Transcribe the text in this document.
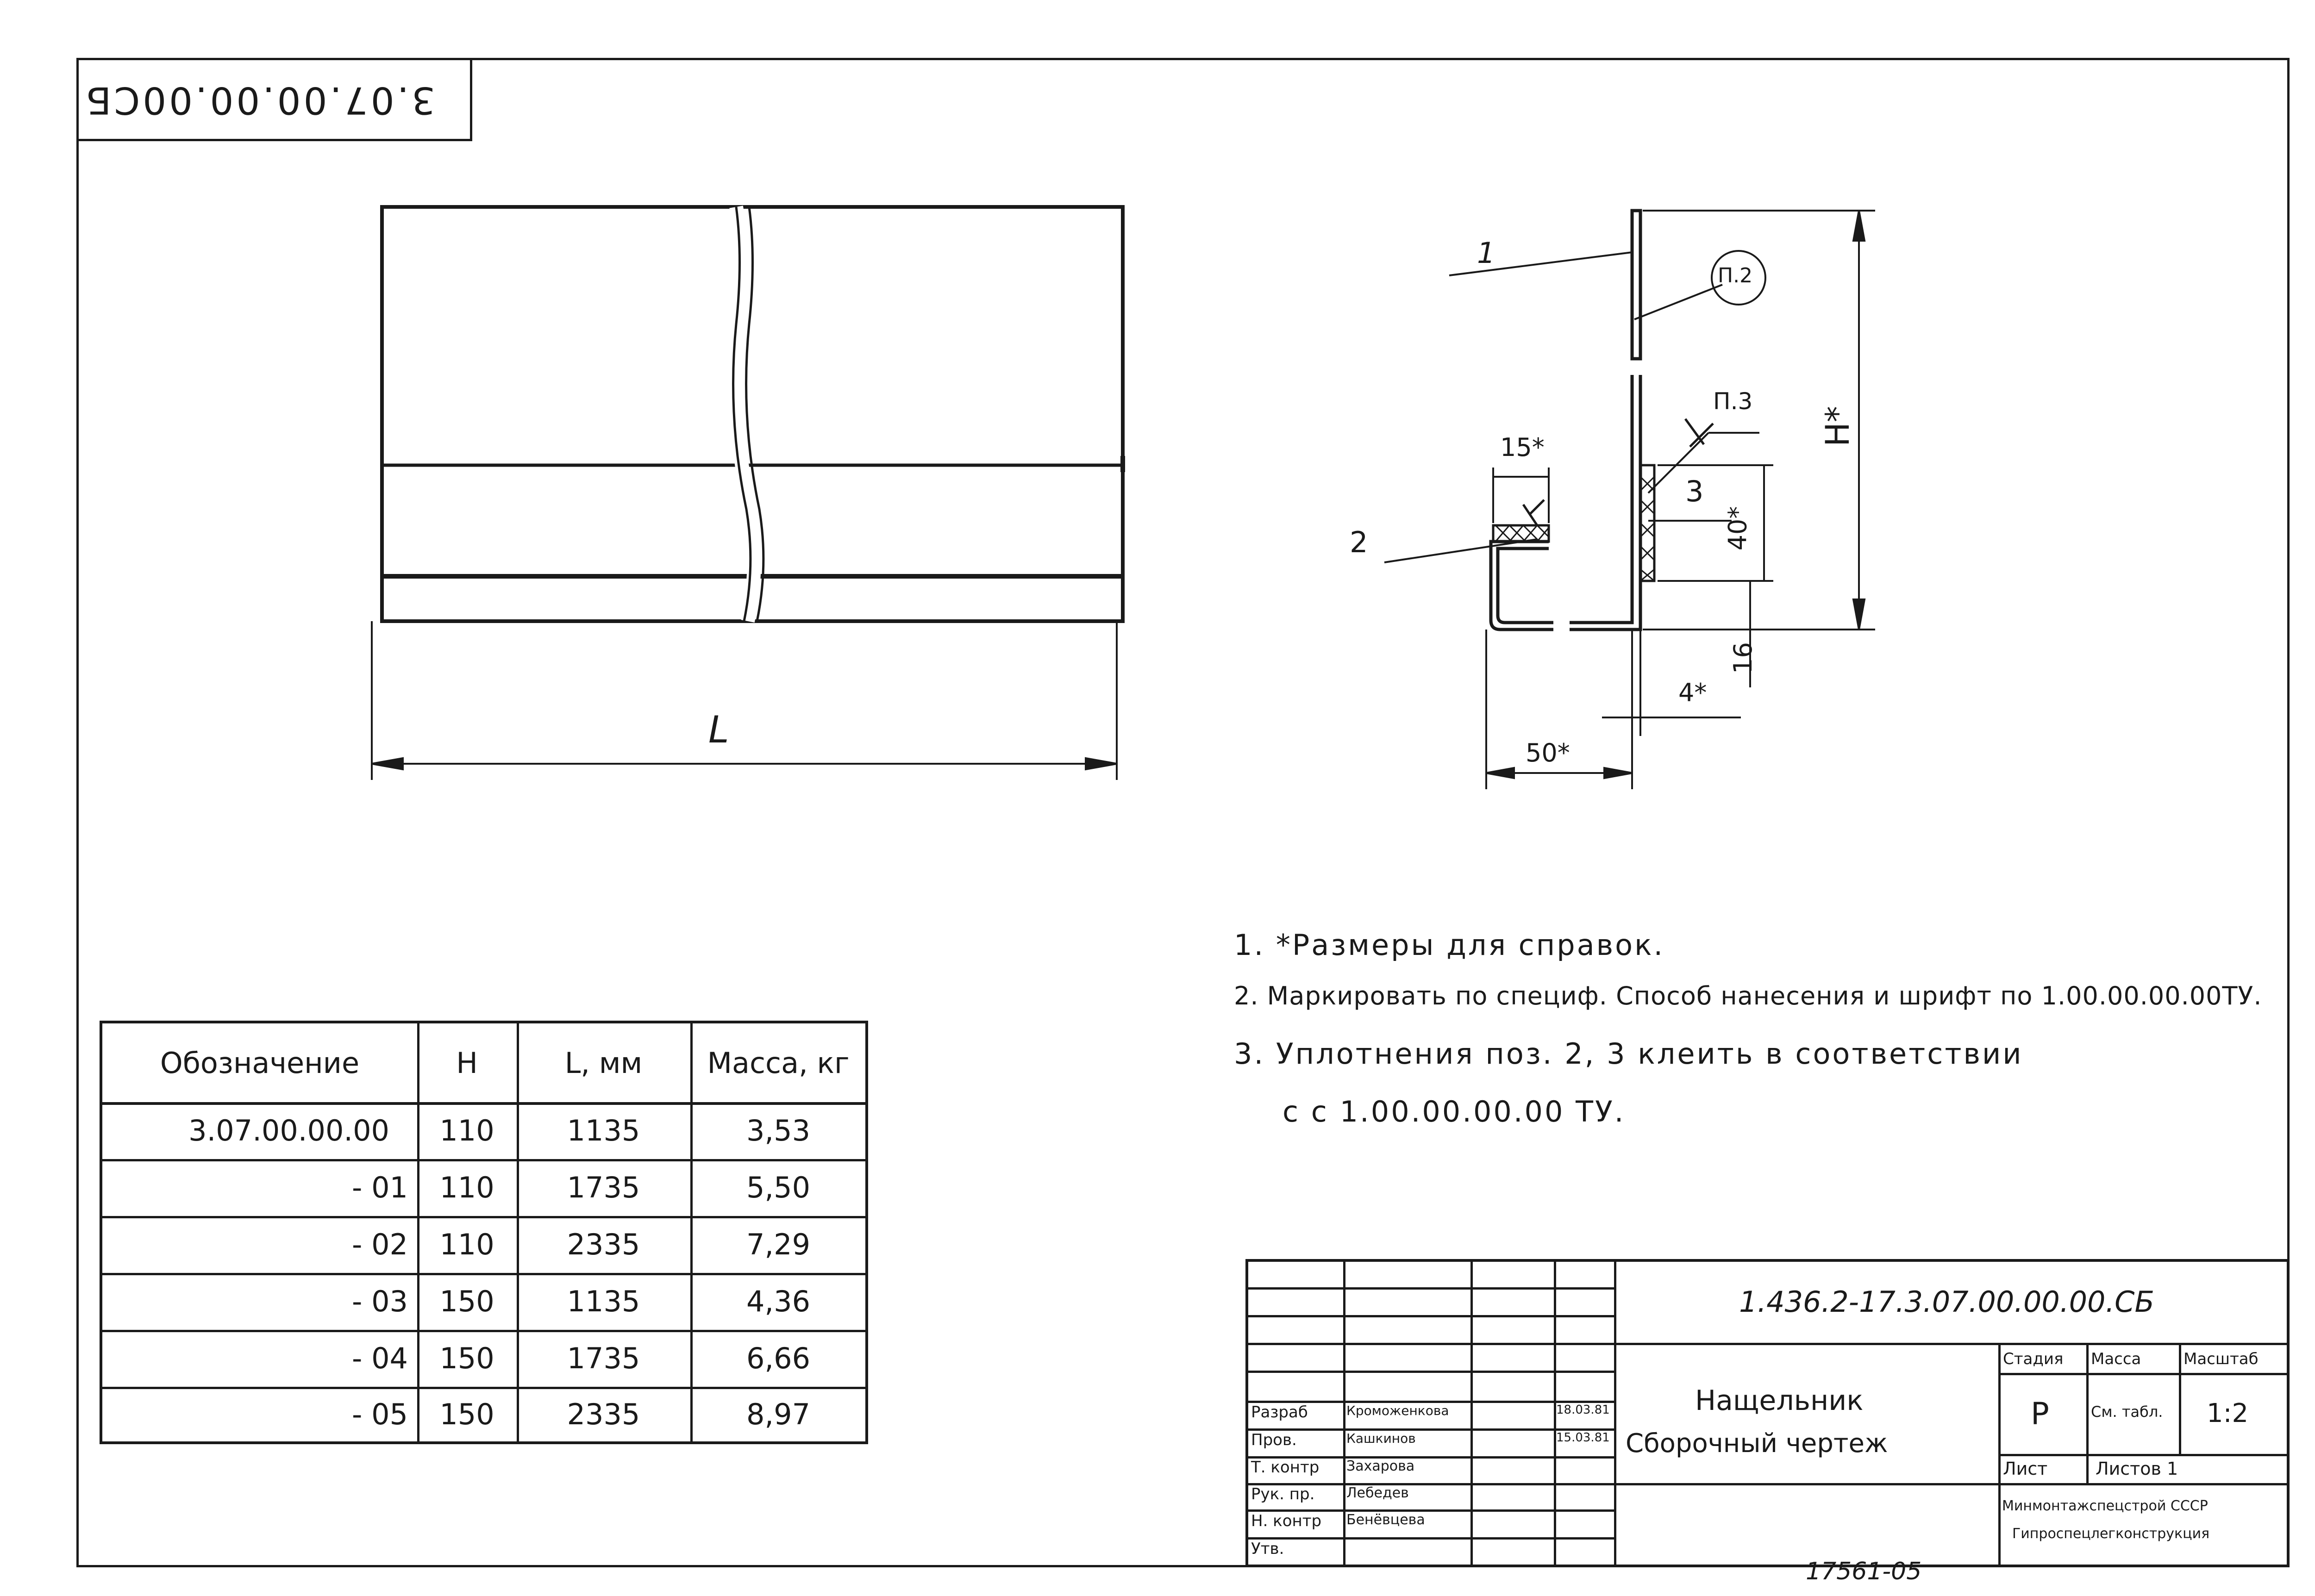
3.07.00.00.00СБ
L
1
П.2
П.3
15*
2
3
40*
H*
16
4*
50*
Обозначение	H	L, мм	Масса, кг
3.07.00.00.00	110	1135	3,53
- 01	110	1735	5,50
- 02	110	2335	7,29
- 03	150	1135	4,36
- 04	150	1735	6,66
- 05	150	2335	8,97
1. *Размеры для справок.
2. Маркировать по специф. Способ нанесения и шрифт по 1.00.00.00.00ТУ.
3. Уплотнения поз. 2, 3 клеить в соответствии
с с 1.00.00.00.00 ТУ.
Разраб	Кроможенкова	18.03.81
Пров.	Кашкинов	15.03.81
Т. контр Захарова
Рук. пр. Лебедев
Н. контр Бенёвцева
Утв.
1.436.2-17.3.07.00.00.00.СБ
Нащельник
Сборочный чертеж
Стадия Масса	Масштаб
Р	См. табл. 1:2
Лист	Листов 1
Минмонтажспецстрой СССР
Гипроспецлегконструкция
17561-05
